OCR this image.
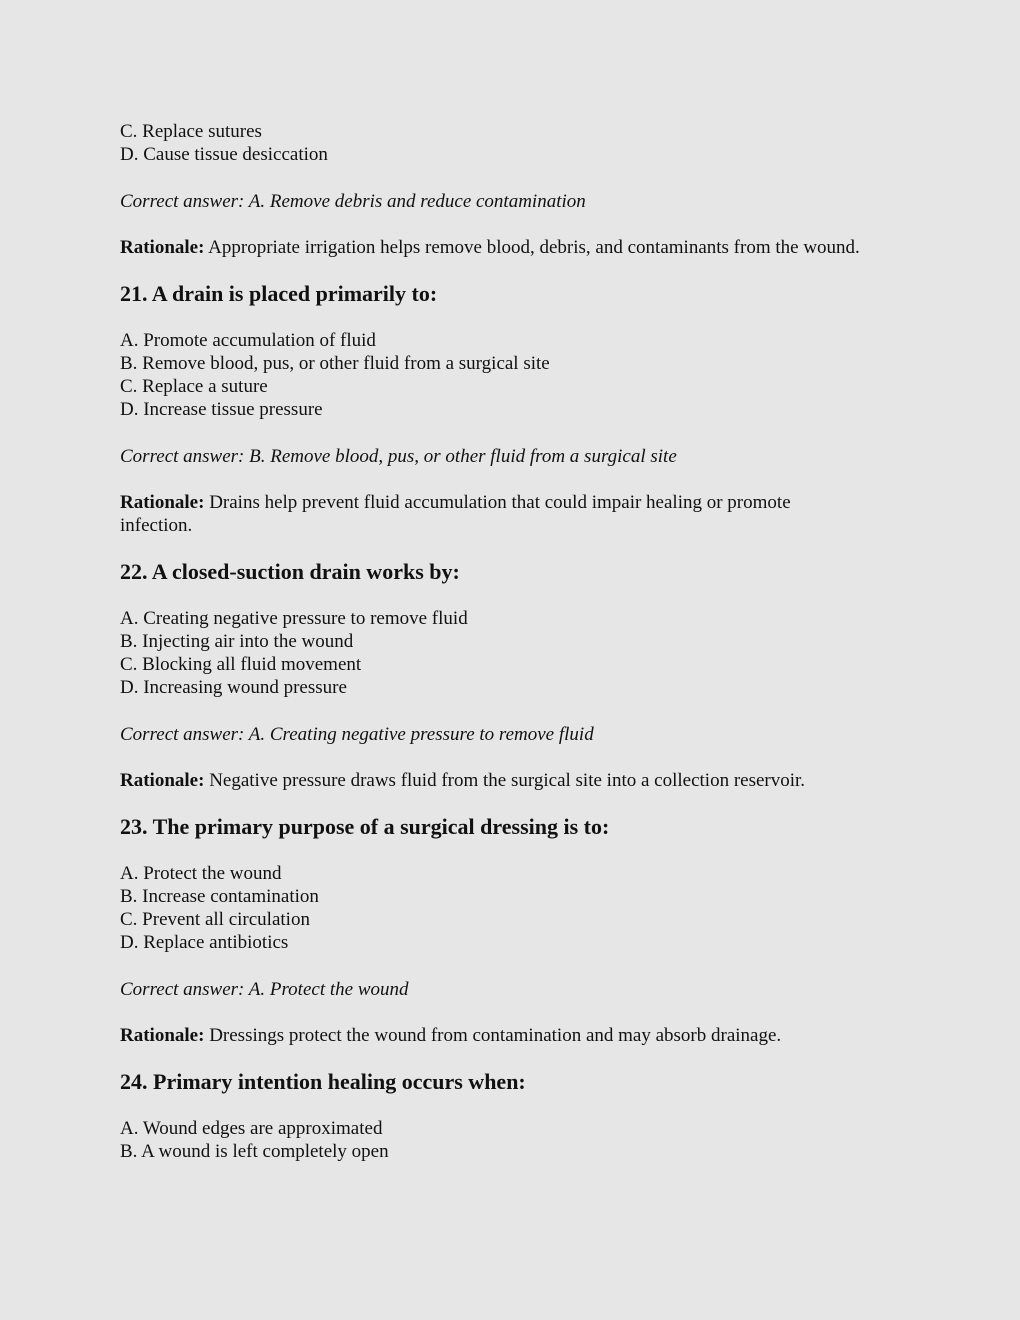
C. Replace sutures

D. Cause tissue desiccation

Correct answer: A. Remove debris and reduce contamination

Rationale: Appropriate irrigation helps remove blood, debris, and contaminants from the wound.

21. A drain is placed primarily to:

A. Promote accumulation of fluid

B. Remove blood, pus, or other fluid from a surgical site

C. Replace a suture

D. Increase tissue pressure

Correct answer: B. Remove blood, pus, or other fluid from a surgical site

Rationale: Drains help prevent fluid accumulation that could impair healing or promote infection.

22. A closed-suction drain works by:

A. Creating negative pressure to remove fluid

B. Injecting air into the wound

C. Blocking all fluid movement

D. Increasing wound pressure

Correct answer: A. Creating negative pressure to remove fluid

Rationale: Negative pressure draws fluid from the surgical site into a collection reservoir.

23. The primary purpose of a surgical dressing is to:

A. Protect the wound

B. Increase contamination

C. Prevent all circulation

D. Replace antibiotics

Correct answer: A. Protect the wound

Rationale: Dressings protect the wound from contamination and may absorb drainage.

24. Primary intention healing occurs when:

A. Wound edges are approximated

B. A wound is left completely open
